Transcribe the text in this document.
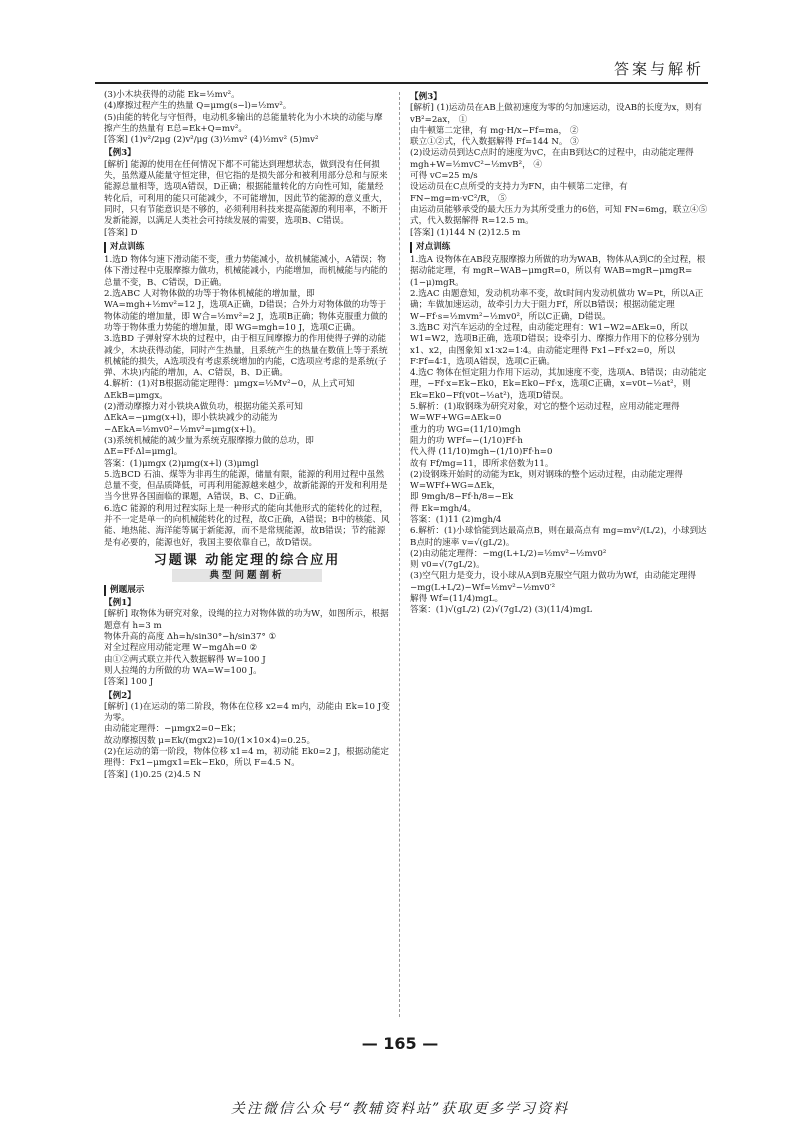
答案与解析

(3)小木块获得的动能 Ek=½mv²。

(4)摩擦过程产生的热量 Q=μmg(s−l)=½mv²。

(5)由能的转化与守恒得，电动机多输出的总能量转化为小木块的动能与摩擦产生的热量有 E总=Ek+Q=mv²。

[答案] (1)v²/2μg (2)v²/μg (3)½mv² (4)½mv² (5)mv²

【例3】

[解析] 能源的使用在任何情况下都不可能达到理想状态，做到没有任何损失，虽然遵从能量守恒定律，但它指的是损失部分和被利用部分总和与原来能源总量相等，选项A错误，D正确；根据能量转化的方向性可知，能量经转化后，可利用的能只可能减少，不可能增加，因此节约能源的意义重大，同时，只有节能意识是不够的，必须利用科技来提高能源的利用率，不断开发新能源，以满足人类社会可持续发展的需要，选项B、C错误。

[答案] D

对点训练

1.选D 物体匀速下滑动能不变，重力势能减小，故机械能减小，A错误；物体下滑过程中克服摩擦力做功，机械能减小，内能增加，而机械能与内能的总量不变，B、C错误，D正确。

2.选ABC 人对物体做的功等于物体机械能的增加量，即 WA=mgh+½mv²=12 J，选项A正确，D错误；合外力对物体做的功等于物体动能的增加量，即 W合=½mv²=2 J，选项B正确；物体克服重力做的功等于物体重力势能的增加量，即 WG=mgh=10 J，选项C正确。

3.选BD 子弹射穿木块的过程中，由于相互间摩擦力的作用使得子弹的动能减少，木块获得动能，同时产生热量，且系统产生的热量在数值上等于系统机械能的损失，A选项没有考虑系统增加的内能，C选项应考虑的是系统(子弹、木块)内能的增加，A、C错误，B、D正确。

4.解析：(1)对B根据动能定理得：μmgx=½Mv²−0，从上式可知 ΔEkB=μmgx。

(2)滑动摩擦力对小铁块A做负功，根据功能关系可知 ΔEkA=−μmg(x+l)，即小铁块减少的动能为 −ΔEkA=½mv0²−½mv²=μmg(x+l)。

(3)系统机械能的减少量为系统克服摩擦力做的总功，即 ΔE=Ff·Δl=μmgl。

答案：(1)μmgx (2)μmg(x+l) (3)μmgl

5.选BCD 石油、煤等为非再生的能源，储量有限，能源的利用过程中虽然总量不变，但品质降低，可再利用能源越来越少，故新能源的开发和利用是当今世界各国面临的课题，A错误，B、C、D正确。

6.选C 能源的利用过程实际上是一种形式的能向其他形式的能转化的过程，并不一定是单一的向机械能转化的过程，故C正确，A错误；B中的核能、风能、地热能、海洋能等属于新能源，而不是常规能源，故B错误；节约能源是有必要的，能源也好，我国主要依靠自己，故D错误。

习题课 动能定理的综合应用

典型问题剖析

例题展示

【例1】

[解析] 取物体为研究对象，设绳的拉力对物体做的功为W，如图所示，根据题意有 h=3 m

物体升高的高度 Δh=h/sin30°−h/sin37° ①

对全过程应用动能定理 W−mgΔh=0 ②

由①②两式联立并代入数据解得 W=100 J

则人拉绳的力所做的功 WA=W=100 J。

[答案] 100 J

【例2】

[解析] (1)在运动的第二阶段，物体在位移 x2=4 m内，动能由 Ek=10 J变为零。

由动能定理得：−μmgx2=0−Ek；

故动摩擦因数 μ=Ek/(mgx2)=10/(1×10×4)=0.25。

(2)在运动的第一阶段，物体位移 x1=4 m，初动能 Ek0=2 J，根据动能定理得：Fx1−μmgx1=Ek−Ek0，所以 F=4.5 N。

[答案] (1)0.25 (2)4.5 N

【例3】

[解析] (1)运动员在AB上做初速度为零的匀加速运动，设AB的长度为x，则有 vB²=2ax， ①

由牛顿第二定律，有 mg·H/x−Ff=ma， ②

联立①②式，代入数据解得 Ff=144 N。 ③

(2)设运动员到达C点时的速度为vC，在由B到达C的过程中，由动能定理得

mgh+W=½mvC²−½mvB²， ④

可得 vC=25 m/s

设运动员在C点所受的支持力为FN，由牛顿第二定律，有

FN−mg=m·vC²/R， ⑤

由运动员能够承受的最大压力为其所受重力的6倍，可知 FN=6mg，联立④⑤式，代入数据解得 R=12.5 m。

[答案] (1)144 N (2)12.5 m

对点训练

1.选A 设物体在AB段克服摩擦力所做的功为WAB，物体从A到C的全过程，根据动能定理，有 mgR−WAB−μmgR=0，所以有 WAB=mgR−μmgR=(1−μ)mgR。

2.选AC 由题意知，发动机功率不变，故t时间内发动机做功 W=Pt，所以A正确；车做加速运动，故牵引力大于阻力Ff，所以B错误；根据动能定理 W−Ff·s=½mvm²−½mv0²，所以C正确，D错误。

3.选BC 对汽车运动的全过程，由动能定理有：W1−W2=ΔEk=0，所以 W1=W2，选项B正确，选项D错误；设牵引力、摩擦力作用下的位移分别为x1、x2，由图象知 x1∶x2=1∶4。由动能定理得 Fx1−Ff·x2=0，所以 F∶Ff=4∶1，选项A错误，选项C正确。

4.选C 物体在恒定阻力作用下运动，其加速度不变，选项A、B错误；由动能定理，−Ff·x=Ek−Ek0，Ek=Ek0−Ff·x，选项C正确，x=v0t−½at²，则 Ek=Ek0−Ff(v0t−½at²)，选项D错误。

5.解析：(1)取钢珠为研究对象，对它的整个运动过程，应用动能定理得 W=WF+WG=ΔEk=0

重力的功 WG=(11/10)mgh

阻力的功 WFf=−(1/10)Ff·h

代入得 (11/10)mgh−(1/10)Ff·h=0

故有 Ff/mg=11，即所求倍数为11。

(2)设钢珠开始时的动能为Ek，则对钢珠的整个运动过程，由动能定理得 W=WFf+WG=ΔEk，

即 9mgh/8−Ff·h/8=−Ek

得 Ek=mgh/4。

答案：(1)11 (2)mgh/4

6.解析：(1)小球恰能到达最高点B，则在最高点有 mg=mv²/(L/2)，小球到达B点时的速率 v=√(gL/2)。

(2)由动能定理得：−mg(L+L/2)=½mv²−½mv0²

则 v0=√(7gL/2)。

(3)空气阻力是变力，设小球从A到B克服空气阻力做功为Wf，由动能定理得

−mg(L+L/2)−Wf=½mv²−½mv0′²

解得 Wf=(11/4)mgL。

答案：(1)√(gL/2) (2)√(7gL/2) (3)(11/4)mgL

— 165 —
关注微信公众号“教辅资料站”获取更多学习资料
